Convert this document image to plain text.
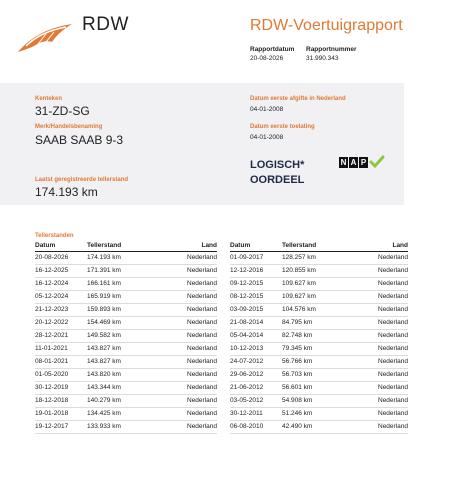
RDW	RDW-Voertuigrapport
Rapportdatum
20-08-2026
Rapportnummer
31.990.343
Kenteken
31-ZD-SG
Merk/Handelsbenaming
SAAB SAAB 9-3
Laatst geregistreerde tellerstand
174.193 km
Datum eerste afgifte in Nederland
04-01-2008
Datum eerste toelating
04-01-2008
LOGISCH*
OORDEEL
N A P
Tellerstanden
Datum	Tellerstand	Land
20-08-2026	174.193 km	Nederland
16-12-2025	171.391 km	Nederland
16-12-2024	166.161 km	Nederland
05-12-2024	165.919 km	Nederland
21-12-2023	159.893 km	Nederland
20-12-2022	154.469 km	Nederland
28-12-2021	149.582 km	Nederland
11-01-2021	143.827 km	Nederland
08-01-2021	143.827 km	Nederland
01-05-2020	143.820 km	Nederland
30-12-2019	143.344 km	Nederland
18-12-2018	140.279 km	Nederland
19-01-2018	134.425 km	Nederland
19-12-2017	133.933 km	Nederland
Datum	Tellerstand	Land
01-09-2017	128.257 km	Nederland
12-12-2016	120.855 km	Nederland
09-12-2015	109.627 km	Nederland
08-12-2015	109.627 km	Nederland
03-09-2015	104.576 km	Nederland
21-08-2014	84.795 km	Nederland
05-04-2014	82.748 km	Nederland
10-12-2013	79.345 km	Nederland
24-07-2012	56.766 km	Nederland
29-06-2012	56.703 km	Nederland
21-06-2012	56.601 km	Nederland
03-05-2012	54.908 km	Nederland
30-12-2011	51.246 km	Nederland
06-08-2010	42.490 km	Nederland
